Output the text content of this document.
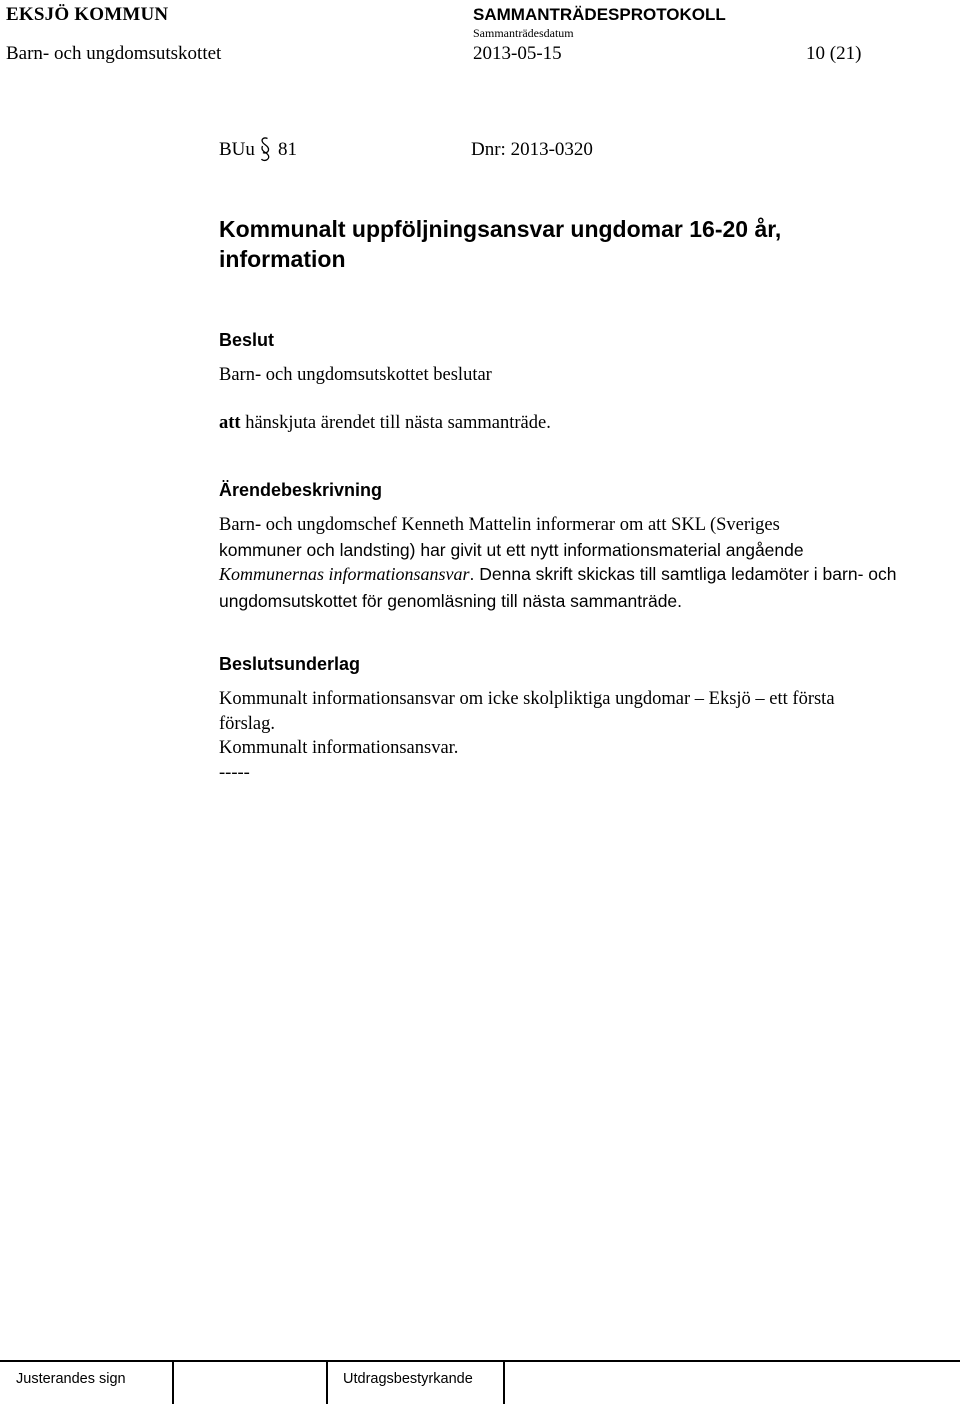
EKSJÖ KOMMUN	SAMMANTRÄDESPROTOKOLL
Sammanträdesdatum
Barn- och ungdomsutskottet	2013-05-15	10 (21)
BUu 81	Dnr: 2013-0320
Kommunalt uppföljningsansvar ungdomar 16-20 år,
information
Beslut
Barn- och ungdomsutskottet beslutar
att hänskjuta ärendet till nästa sammanträde.
Ärendebeskrivning
Barn- och ungdomschef Kenneth Mattelin informerar om att SKL (Sveriges
kommuner och landsting) har givit ut ett nytt informationsmaterial angående
Kommunernas informationsansvar. Denna skrift skickas till samtliga ledamöter i barn- och
ungdomsutskottet för genomläsning till nästa sammanträde.
Beslutsunderlag
Kommunalt informationsansvar om icke skolpliktiga ungdomar – Eksjö – ett första
förslag.
Kommunalt informationsansvar.
-----
Justerandes sign	Utdragsbestyrkande
